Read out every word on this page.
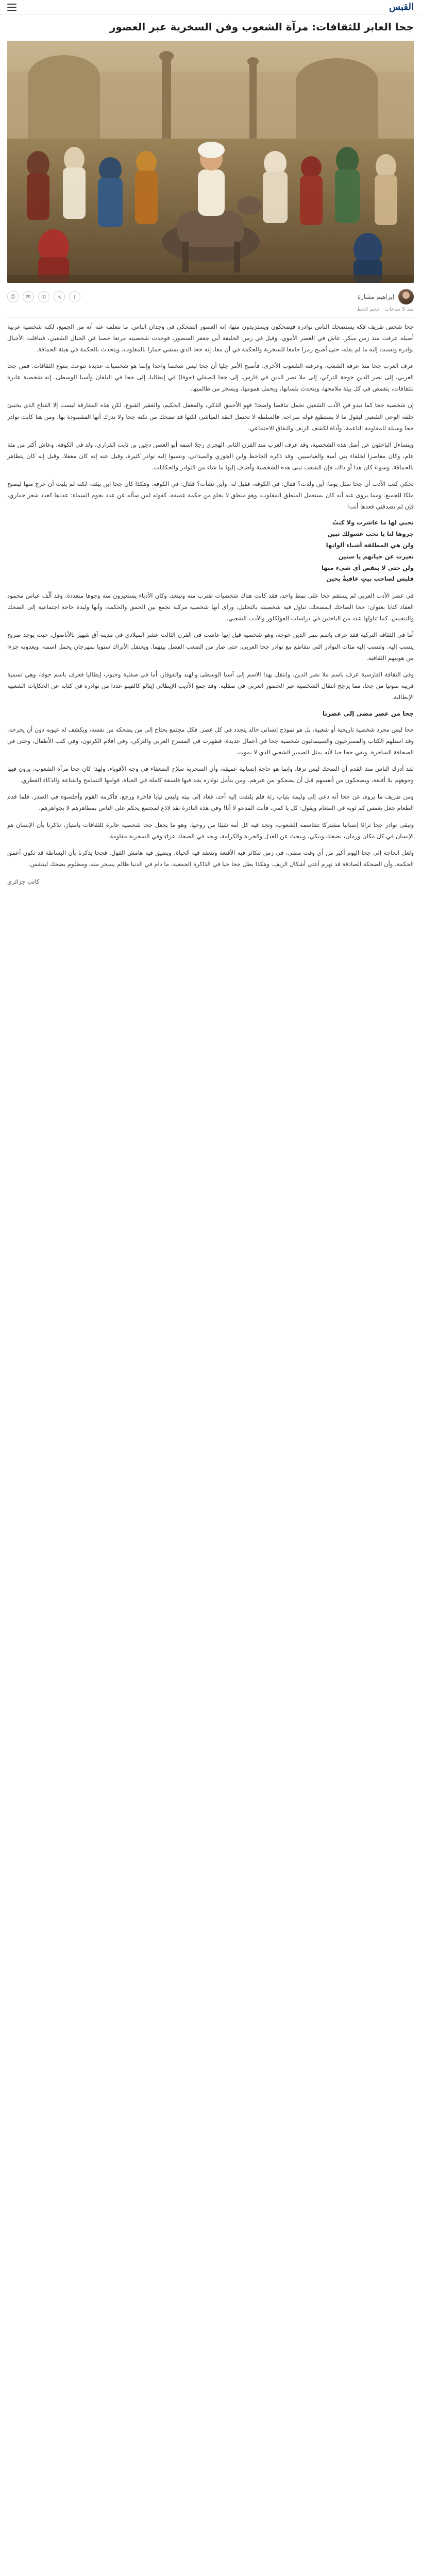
القبس
جحا العابر للثقافات: مرآة الشعوب وفن السخرية عبر العصور
إبراهيم مشارة
f
𝕏
✆
✉
⎙
منذ 9 ساعات
حجم الخط

جحا شخص ظريف فكه يستضحك الناس نوادره فيضحكون ويستزيدون منها، إنه العصور الضحكي في وجدان الناس. ما نتعلمه عنه أنه من الجميع، لكنه شخصية عربية أصيلة عرفت منذ زمن مبكر. عاش في العصر الأموي، وقيل في زمن الخليفة أبي جعفر المنصور، فوجدت شخصيته مرتعا خصبا في الخيال الشعبي، فتناقلت الأجيال نوادره ونسبت إليه ما لم يقله، حتى أصبح رمزا جامعا للسخرية والحكمة في آن معا. إنه جحا الذي يمشي حمارا بالمقلوب، ويتحدث بالحكمة في هيئة الحماقة.

عرف العرب جحا منذ عرفه الشعب، وعرفته الشعوب الأخرى، فأصبح الأمر جليا أن جحا ليس شخصا واحدا وإنما هو شخصيات عديدة تنوعت بتنوع الثقافات. فمن جحا العربي، إلى نصر الدين خوجة التركي، إلى ملا نصر الدين في فارس، إلى جحا الصقلي (جوفا) في إيطاليا، إلى جحا في البلقان وآسيا الوسطى. إنه شخصية عابرة للثقافات، يتقمص في كل بيئة ملامحها، ويتحدث بلسانها، ويحمل همومها، ويسخر من ظالميها.

إن شخصية جحا كما تبدو في الأدب الشعبي تحمل تناقضا واضحا؛ فهو الأحمق الذكي، والمغفل الحكيم، والفقير القنوع. لكن هذه المفارقة ليست إلا القناع الذي يختبئ خلفه الوعي الشعبي ليقول ما لا يستطيع قوله صراحة. فالسلطة لا تحتمل النقد المباشر، لكنها قد تضحك من نكتة جحا ولا تدرك أنها المقصودة بها. ومن هنا كانت نوادر جحا وسيلة للمقاومة الناعمة، وأداة لكشف الزيف والنفاق الاجتماعي.

ويتساءل الباحثون عن أصل هذه الشخصية، وقد عرف العرب منذ القرن الثاني الهجري رجلا اسمه أبو الغصن دجين بن ثابت الفزاري، ولد في الكوفة، وعاش أكثر من مئة عام، وكان معاصرا لخلفاء بني أمية والعباسيين. وقد ذكره الجاحظ وابن الجوزي والميداني، ونسبوا إليه نوادر كثيرة، وقيل عنه إنه كان مغفلا، وقيل إنه كان يتظاهر بالحماقة. وسواء كان هذا أو ذاك، فإن الشعب تبنى هذه الشخصية وأضاف إليها ما شاء من النوادر والحكايات.

تحكي كتب الأدب أن جحا سئل يوما: أين ولدت؟ فقال: في الكوفة، فقيل له: وأين نشأت؟ فقال: في الكوفة. وهكذا كان جحا ابن بيئته، لكنه لم يلبث أن خرج منها ليصبح ملكا للجميع. ومما يروى عنه أنه كان يستعمل المنطق المقلوب، وهو منطق لا يخلو من حكمة عميقة، كقوله لمن سأله عن عدد نجوم السماء: عددها كعدد شعر حماري، فإن لم تصدقني فعدها أنت!

تحبي لها ما عاشرت ولا كنتُ
جروها لنا يا نخب غسولك تبين
ولن هي المطلقة أشياء ألوانها
تغيرت عن حياتهم يا سنين
ولن حتى لا ينقص أي شيء منها
فليس لصاحب بيتٍ عافيةٌ يحين

في عصر الأدب العربي لم يستقم جحا على نمط واحد، فقد كانت هناك شخصيات تقترب منه وتبتعد، وكان الأدباء يستعيرون منه وجوها متعددة. وقد ألّف عباس محمود العقاد كتابا بعنوان: جحا الضاحك المضحك، تناول فيه شخصيته بالتحليل، ورأى أنها شخصية مركبة تجمع بين الحمق والحكمة، وأنها وليدة حاجة اجتماعية إلى الضحك والتنفيس. كما تناولها عدد من الباحثين في دراسات الفولكلور والأدب الشعبي.

أما في الثقافة التركية فقد عرف باسم نصر الدين خوجة، وهو شخصية قيل إنها عاشت في القرن الثالث عشر الميلادي في مدينة آق شهير بالأناضول، حيث يوجد ضريح ينسب إليه. وتنسب إليه مئات النوادر التي تتقاطع مع نوادر جحا العربي، حتى صار من الصعب الفصل بينهما. ويحتفل الأتراك سنويا بمهرجان يحمل اسمه، ويعدونه جزءا من هويتهم الثقافية.

وفي الثقافة الفارسية عرف باسم ملا نصر الدين، وانتقل بهذا الاسم إلى آسيا الوسطى والهند والقوقاز. أما في صقلية وجنوب إيطاليا فعرف باسم جوفا، وهي تسمية قريبة صوتيا من جحا، مما يرجح انتقال الشخصية عبر الحضور العربي في صقلية. وقد جمع الأديب الإيطالي إيتالو كالفينو عددا من نوادره في كتابه عن الحكايات الشعبية الإيطالية.

جحا من عصر مضى إلى عصرنا

جحا ليس مجرد شخصية تاريخية أو شعبية، بل هو نموذج إنساني خالد يتجدد في كل عصر. فكل مجتمع يحتاج إلى من يضحكه من نفسه، ويكشف له عيوبه دون أن يجرحه. وقد استلهم الكتاب والمسرحيون والسينمائيون شخصية جحا في أعمال عديدة، فظهرت في المسرح العربي والتركي، وفي أفلام الكرتون، وفي كتب الأطفال، وحتى في الصحافة الساخرة. وبقي جحا حيا لأنه يمثل الضمير الشعبي الذي لا يموت.

لقد أدرك الناس منذ القدم أن الضحك ليس ترفا، وإنما هو حاجة إنسانية عميقة، وأن السخرية سلاح الضعفاء في وجه الأقوياء. ولهذا كان جحا مرآة الشعوب، يرون فيها وجوههم بلا أقنعة، ويضحكون من أنفسهم قبل أن يضحكوا من غيرهم. ومن يتأمل نوادره يجد فيها فلسفة كاملة في الحياة، قوامها التسامح والقناعة والذكاء الفطري.

ومن طريف ما يروى عن جحا أنه دعي إلى وليمة بثياب رثة فلم يلتفت إليه أحد، فعاد إلى بيته ولبس ثيابا فاخرة ورجع، فأكرمه القوم وأجلسوه في الصدر. فلما قدم الطعام جعل يغمس كم ثوبه في الطعام ويقول: كل يا كمي، فأنت المدعو لا أنا! وفي هذه النادرة نقد لاذع لمجتمع يحكم على الناس بمظاهرهم لا بجواهرهم.

وتبقى نوادر جحا تراثا إنسانيا مشتركا تتقاسمه الشعوب، وتجد فيه كل أمة شيئا من روحها. وهو ما يجعل جحا شخصية عابرة للثقافات بامتياز، تذكرنا بأن الإنسان هو الإنسان في كل مكان وزمان، يضحك ويبكي، ويبحث عن العدل والحرية والكرامة، ويجد في الضحك عزاء وفي السخرية مقاومة.

ولعل الحاجة إلى جحا اليوم أكبر من أي وقت مضى، في زمن تتكاثر فيه الأقنعة وتتعقد فيه الحياة، ويضيق فيه هامش القول. فجحا يذكرنا بأن البساطة قد تكون أعمق الحكمة، وأن الضحكة الصادقة قد تهزم أعتى أشكال الزيف. وهكذا يظل جحا حيا في الذاكرة الجمعية، ما دام في الدنيا ظالم يسخر منه، ومظلوم يضحك ليتنفس.

كاتب جزائري
